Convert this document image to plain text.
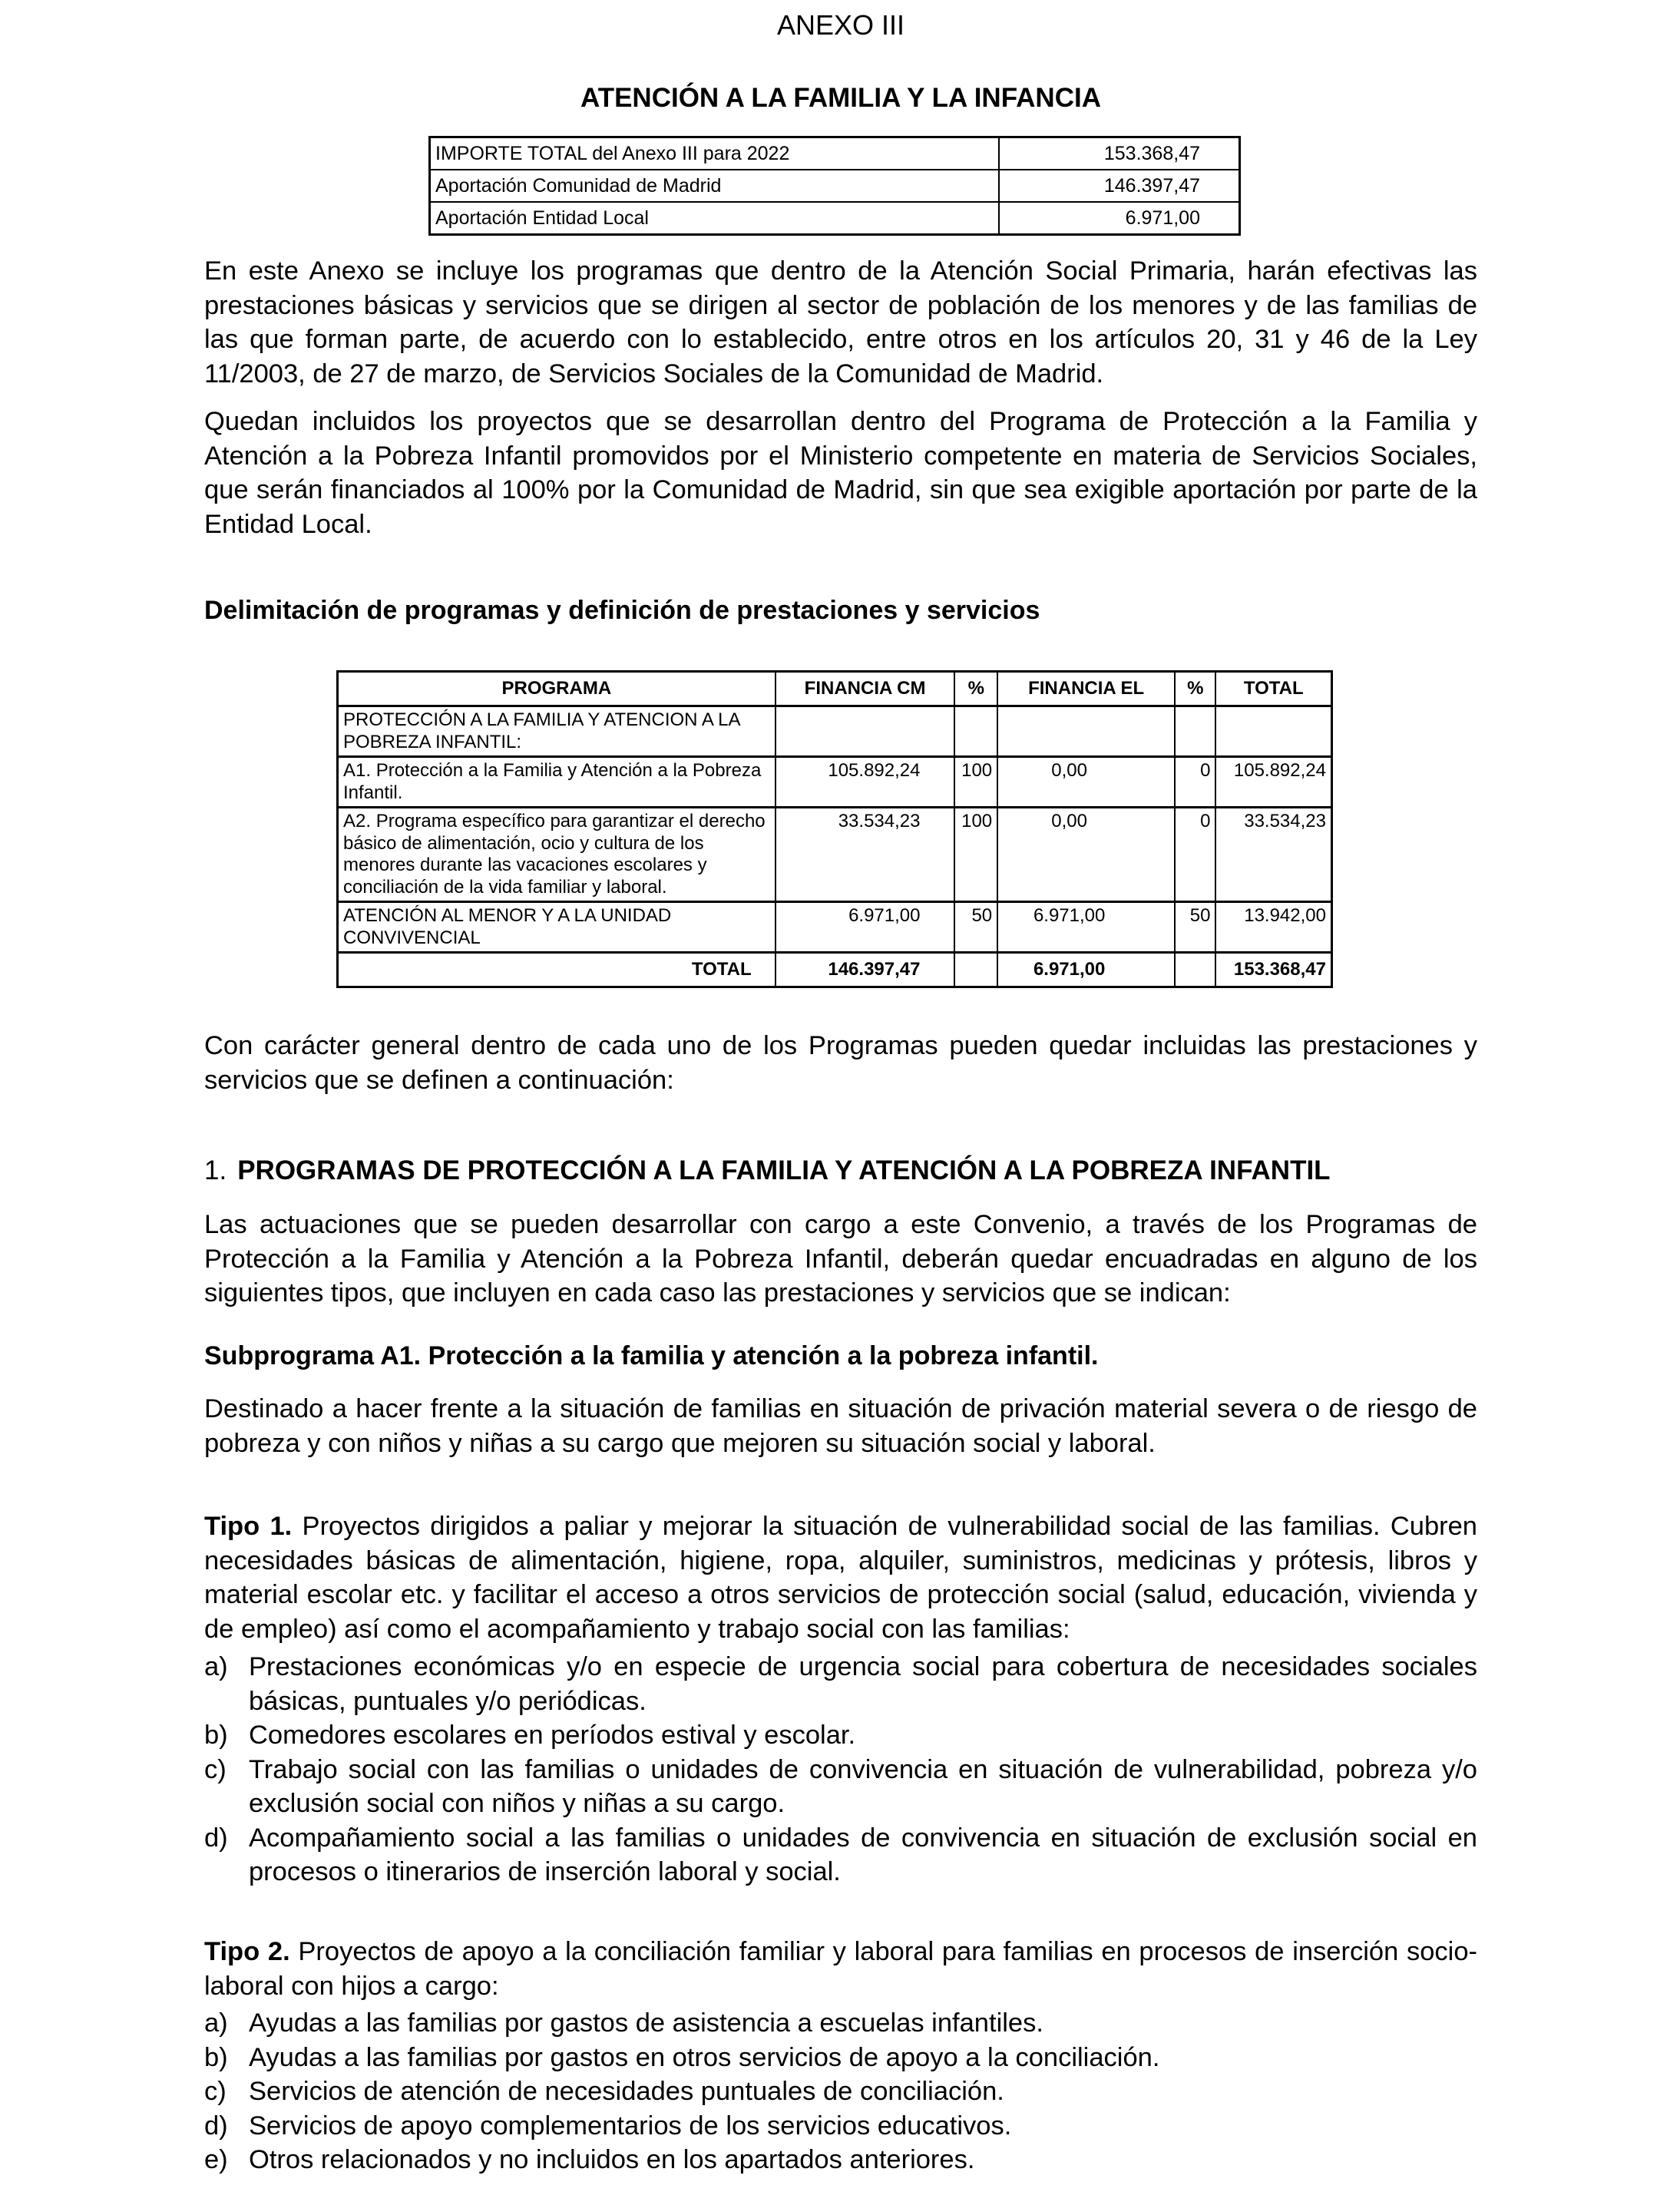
ANEXO III
ATENCIÓN A LA FAMILIA Y LA INFANCIA
IMPORTE TOTAL del Anexo III para 2022	153.368,47
Aportación Comunidad de Madrid	146.397,47
Aportación Entidad Local	6.971,00
En este Anexo se incluye los programas que dentro de la Atención Social Primaria, harán efectivas las prestaciones básicas y servicios que se dirigen al sector de población de los menores y de las familias de las que forman parte, de acuerdo con lo establecido, entre otros en los artículos 20, 31 y 46 de la Ley 11/2003, de 27 de marzo, de Servicios Sociales de la Comunidad de Madrid.
Quedan incluidos los proyectos que se desarrollan dentro del Programa de Protección a la Familia y Atención a la Pobreza Infantil promovidos por el Ministerio competente en materia de Servicios Sociales, que serán financiados al 100% por la Comunidad de Madrid, sin que sea exigible aportación por parte de la Entidad Local.
Delimitación de programas y definición de prestaciones y servicios
PROGRAMA	FINANCIA CM	%	FINANCIA EL	%	TOTAL
PROTECCIÓN A LA FAMILIA Y ATENCION A LA POBREZA INFANTIL:					
A1. Protección a la Familia y Atención a la Pobreza Infantil.	105.892,24	100	0,00	0	105.892,24
A2. Programa específico para garantizar el derecho básico de alimentación, ocio y cultura de los menores durante las vacaciones escolares y conciliación de la vida familiar y laboral.	33.534,23	100	0,00	0	33.534,23
ATENCIÓN AL MENOR Y A LA UNIDAD CONVIVENCIAL	6.971,00	50	6.971,00	50	13.942,00
TOTAL	146.397,47		6.971,00		153.368,47
Con carácter general dentro de cada uno de los Programas pueden quedar incluidas las prestaciones y servicios que se definen a continuación:
1. PROGRAMAS DE PROTECCIÓN A LA FAMILIA Y ATENCIÓN A LA POBREZA INFANTIL
Las actuaciones que se pueden desarrollar con cargo a este Convenio, a través de los Programas de Protección a la Familia y Atención a la Pobreza Infantil, deberán quedar encuadradas en alguno de los siguientes tipos, que incluyen en cada caso las prestaciones y servicios que se indican:
Subprograma A1. Protección a la familia y atención a la pobreza infantil.
Destinado a hacer frente a la situación de familias en situación de privación material severa o de riesgo de pobreza y con niños y niñas a su cargo que mejoren su situación social y laboral.
Tipo 1. Proyectos dirigidos a paliar y mejorar la situación de vulnerabilidad social de las familias. Cubren necesidades básicas de alimentación, higiene, ropa, alquiler, suministros, medicinas y prótesis, libros y material escolar etc. y facilitar el acceso a otros servicios de protección social (salud, educación, vivienda y de empleo) así como el acompañamiento y trabajo social con las familias:
a) Prestaciones económicas y/o en especie de urgencia social para cobertura de necesidades sociales básicas, puntuales y/o periódicas.
b) Comedores escolares en períodos estival y escolar.
c) Trabajo social con las familias o unidades de convivencia en situación de vulnerabilidad, pobreza y/o exclusión social con niños y niñas a su cargo.
d) Acompañamiento social a las familias o unidades de convivencia en situación de exclusión social en procesos o itinerarios de inserción laboral y social.
Tipo 2. Proyectos de apoyo a la conciliación familiar y laboral para familias en procesos de inserción socio-laboral con hijos a cargo:
a) Ayudas a las familias por gastos de asistencia a escuelas infantiles.
b) Ayudas a las familias por gastos en otros servicios de apoyo a la conciliación.
c) Servicios de atención de necesidades puntuales de conciliación.
d) Servicios de apoyo complementarios de los servicios educativos.
e) Otros relacionados y no incluidos en los apartados anteriores.
